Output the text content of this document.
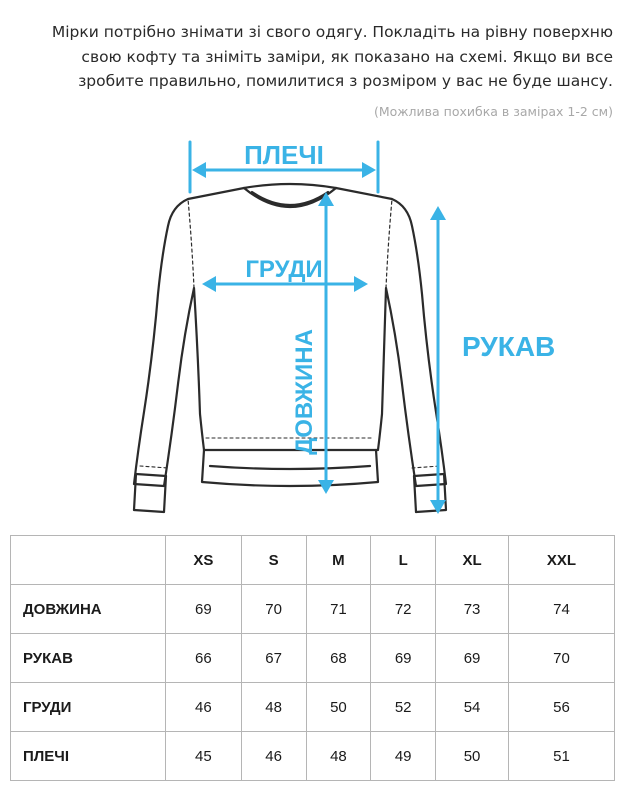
Мірки потрібно знімати зі свого одягу. Покладіть на рівну поверхню
свою кофту та зніміть заміри, як показано на схемі. Якщо ви все
зробите правильно, помилитися з розміром у вас не буде шансу.
(Можлива похибка в замірах 1-2 см)
ПЛЕЧІ
ГРУДИ
ДОВЖИНА	РУКАВ
	XS	S	M	L	XL	XXL
ДОВЖИНА	69	70	71	72	73	74
РУКАВ	66	67	68	69	69	70
ГРУДИ	46	48	50	52	54	56
ПЛЕЧІ	45	46	48	49	50	51
